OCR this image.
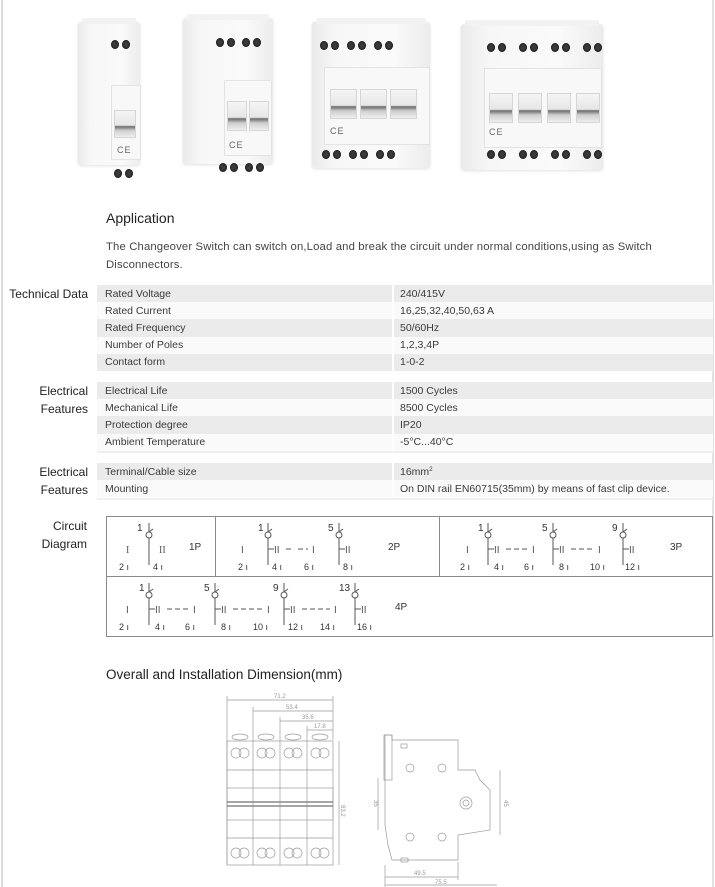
CE	CE
CE	CE
Application
The Changeover Switch can switch on,Load and break the circuit under normal conditions,using as Switch Disconnectors.
Technical Data	Rated Voltage	240/415V
Rated Current	16,25,32,40,50,63 A
Rated Frequency	50/60Hz
Number of Poles	1,2,3,4P
Contact form	1-0-2
Electrical
Features
Electrical Life	1500 Cycles
Mechanical Life	8500 Cycles
Protection degree	IP20
Ambient Temperature	-5°C...40°C
Electrical
Features
Terminal/Cable size	$16mm^2$
Mounting	On DIN rail EN60715(35mm) by means of fast clip device.
Circuit
Diagram
1
I	II
2 ı	4 ı
1P	I
1
II	I
5
II
2 ı	4 ı 6 ı	8 ı
2P	I
1
II	I
5
II	I
9
II
2 ı	4 ı 6 ı	8 ı 10 ı 12 ı
3P
I
1
II	I
5
II	I
9
II	I
13
II
2 ı	4 ı 6 ı	8 ı 10 ı 12 ı 14 ı 16 ı
4P
Overall and Installation Dimension(mm)
71.2
53.4
35.6
17.8
83.2
49.5
75.5
35	45
